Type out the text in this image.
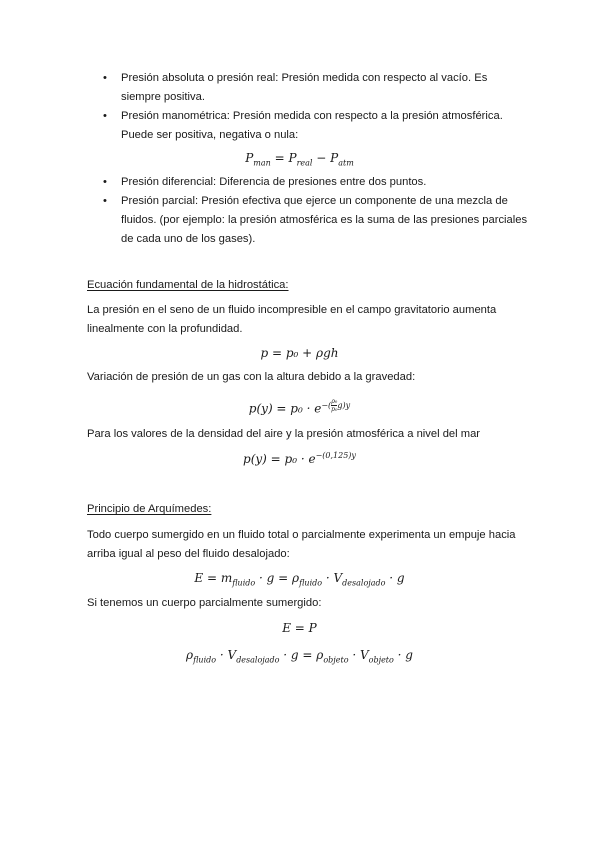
• Presión absoluta o presión real: Presión medida con respecto al vacío. Es siempre positiva.
• Presión manométrica: Presión medida con respecto a la presión atmosférica. Puede ser positiva, negativa o nula:
$P_{man} = P_{real} - P_{atm}$
• Presión diferencial: Diferencia de presiones entre dos puntos.
• Presión parcial: Presión efectiva que ejerce un componente de una mezcla de fluidos. (por ejemplo: la presión atmosférica es la suma de las presiones parciales de cada uno de los gases).
Ecuación fundamental de la hidrostática:
La presión en el seno de un fluido incompresible en el campo gravitatorio aumenta linealmente con la profundidad.
p = p₀ + ρgh
Variación de presión de un gas con la altura debido a la gravedad:
$p(y) = p_0 \cdot e^{-( \frac{\text{ρ₀}}{\text{p₀}} g)y}$
Para los valores de la densidad del aire y la presión atmosférica a nivel del mar
$p(y) = p_0 \cdot e^{-(0,125)y}$
Principio de Arquímedes:
Todo cuerpo sumergido en un fluido total o parcialmente experimenta un empuje hacia arriba igual al peso del fluido desalojado:
$E = m_{fluido} \cdot g = \rho_{fluido} \cdot V_{desalojado} \cdot g$
Si tenemos un cuerpo parcialmente sumergido:
E = P
$\rho_{fluido} \cdot V_{desalojado} \cdot g = \rho_{objeto} \cdot V_{objeto} \cdot g$
